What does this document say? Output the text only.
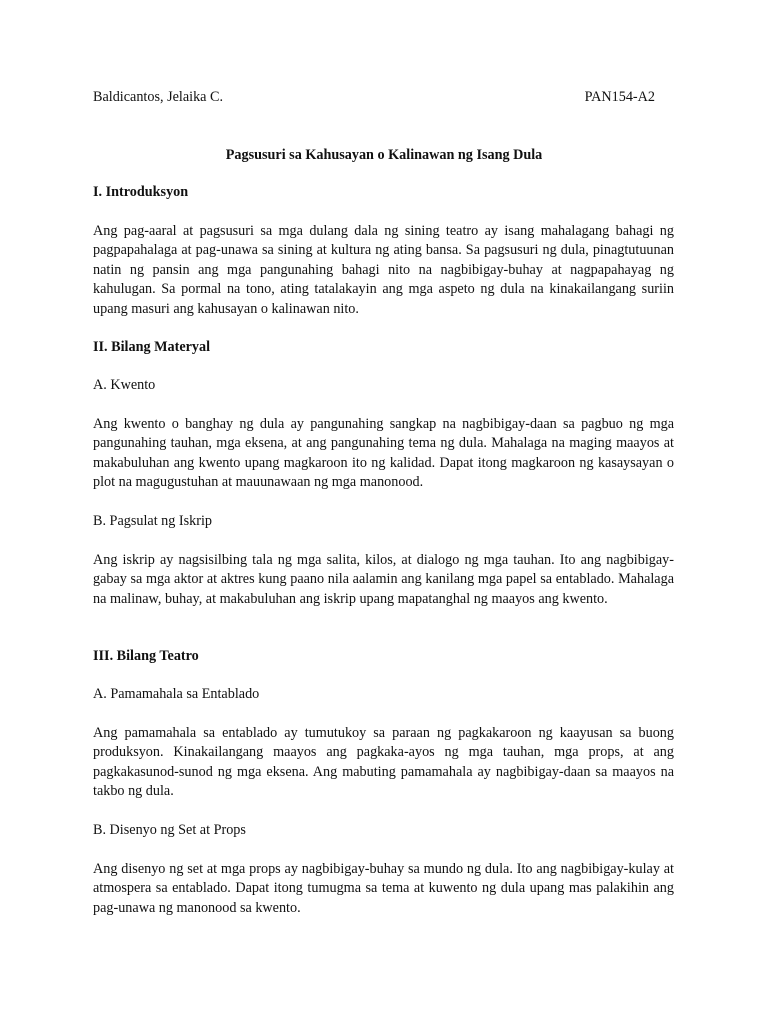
Baldicantos, Jelaika C.	PAN154-A2
Pagsusuri sa Kahusayan o Kalinawan ng Isang Dula
I. Introduksyon
Ang pag-aaral at pagsusuri sa mga dulang dala ng sining teatro ay isang mahalagang bahagi ng pagpapahalaga at pag-unawa sa sining at kultura ng ating bansa. Sa pagsusuri ng dula, pinagtutuunan natin ng pansin ang mga pangunahing bahagi nito na nagbibigay-buhay at nagpapahayag ng kahulugan. Sa pormal na tono, ating tatalakayin ang mga aspeto ng dula na kinakailangang suriin upang masuri ang kahusayan o kalinawan nito.
II. Bilang Materyal
A. Kwento
Ang kwento o banghay ng dula ay pangunahing sangkap na nagbibigay-daan sa pagbuo ng mga pangunahing tauhan, mga eksena, at ang pangunahing tema ng dula. Mahalaga na maging maayos at makabuluhan ang kwento upang magkaroon ito ng kalidad. Dapat itong magkaroon ng kasaysayan o plot na magugustuhan at mauunawaan ng mga manonood.
B. Pagsulat ng Iskrip
Ang iskrip ay nagsisilbing tala ng mga salita, kilos, at dialogo ng mga tauhan. Ito ang nagbibigay-gabay sa mga aktor at aktres kung paano nila aalamin ang kanilang mga papel sa entablado. Mahalaga na malinaw, buhay, at makabuluhan ang iskrip upang mapatanghal ng maayos ang kwento.
III. Bilang Teatro
A. Pamamahala sa Entablado
Ang pamamahala sa entablado ay tumutukoy sa paraan ng pagkakaroon ng kaayusan sa buong produksyon. Kinakailangang maayos ang pagkaka-ayos ng mga tauhan, mga props, at ang pagkakasunod-sunod ng mga eksena. Ang mabuting pamamahala ay nagbibigay-daan sa maayos na takbo ng dula.
B. Disenyo ng Set at Props
Ang disenyo ng set at mga props ay nagbibigay-buhay sa mundo ng dula. Ito ang nagbibigay-kulay at atmospera sa entablado. Dapat itong tumugma sa tema at kuwento ng dula upang mas palakihin ang pag-unawa ng manonood sa kwento.
